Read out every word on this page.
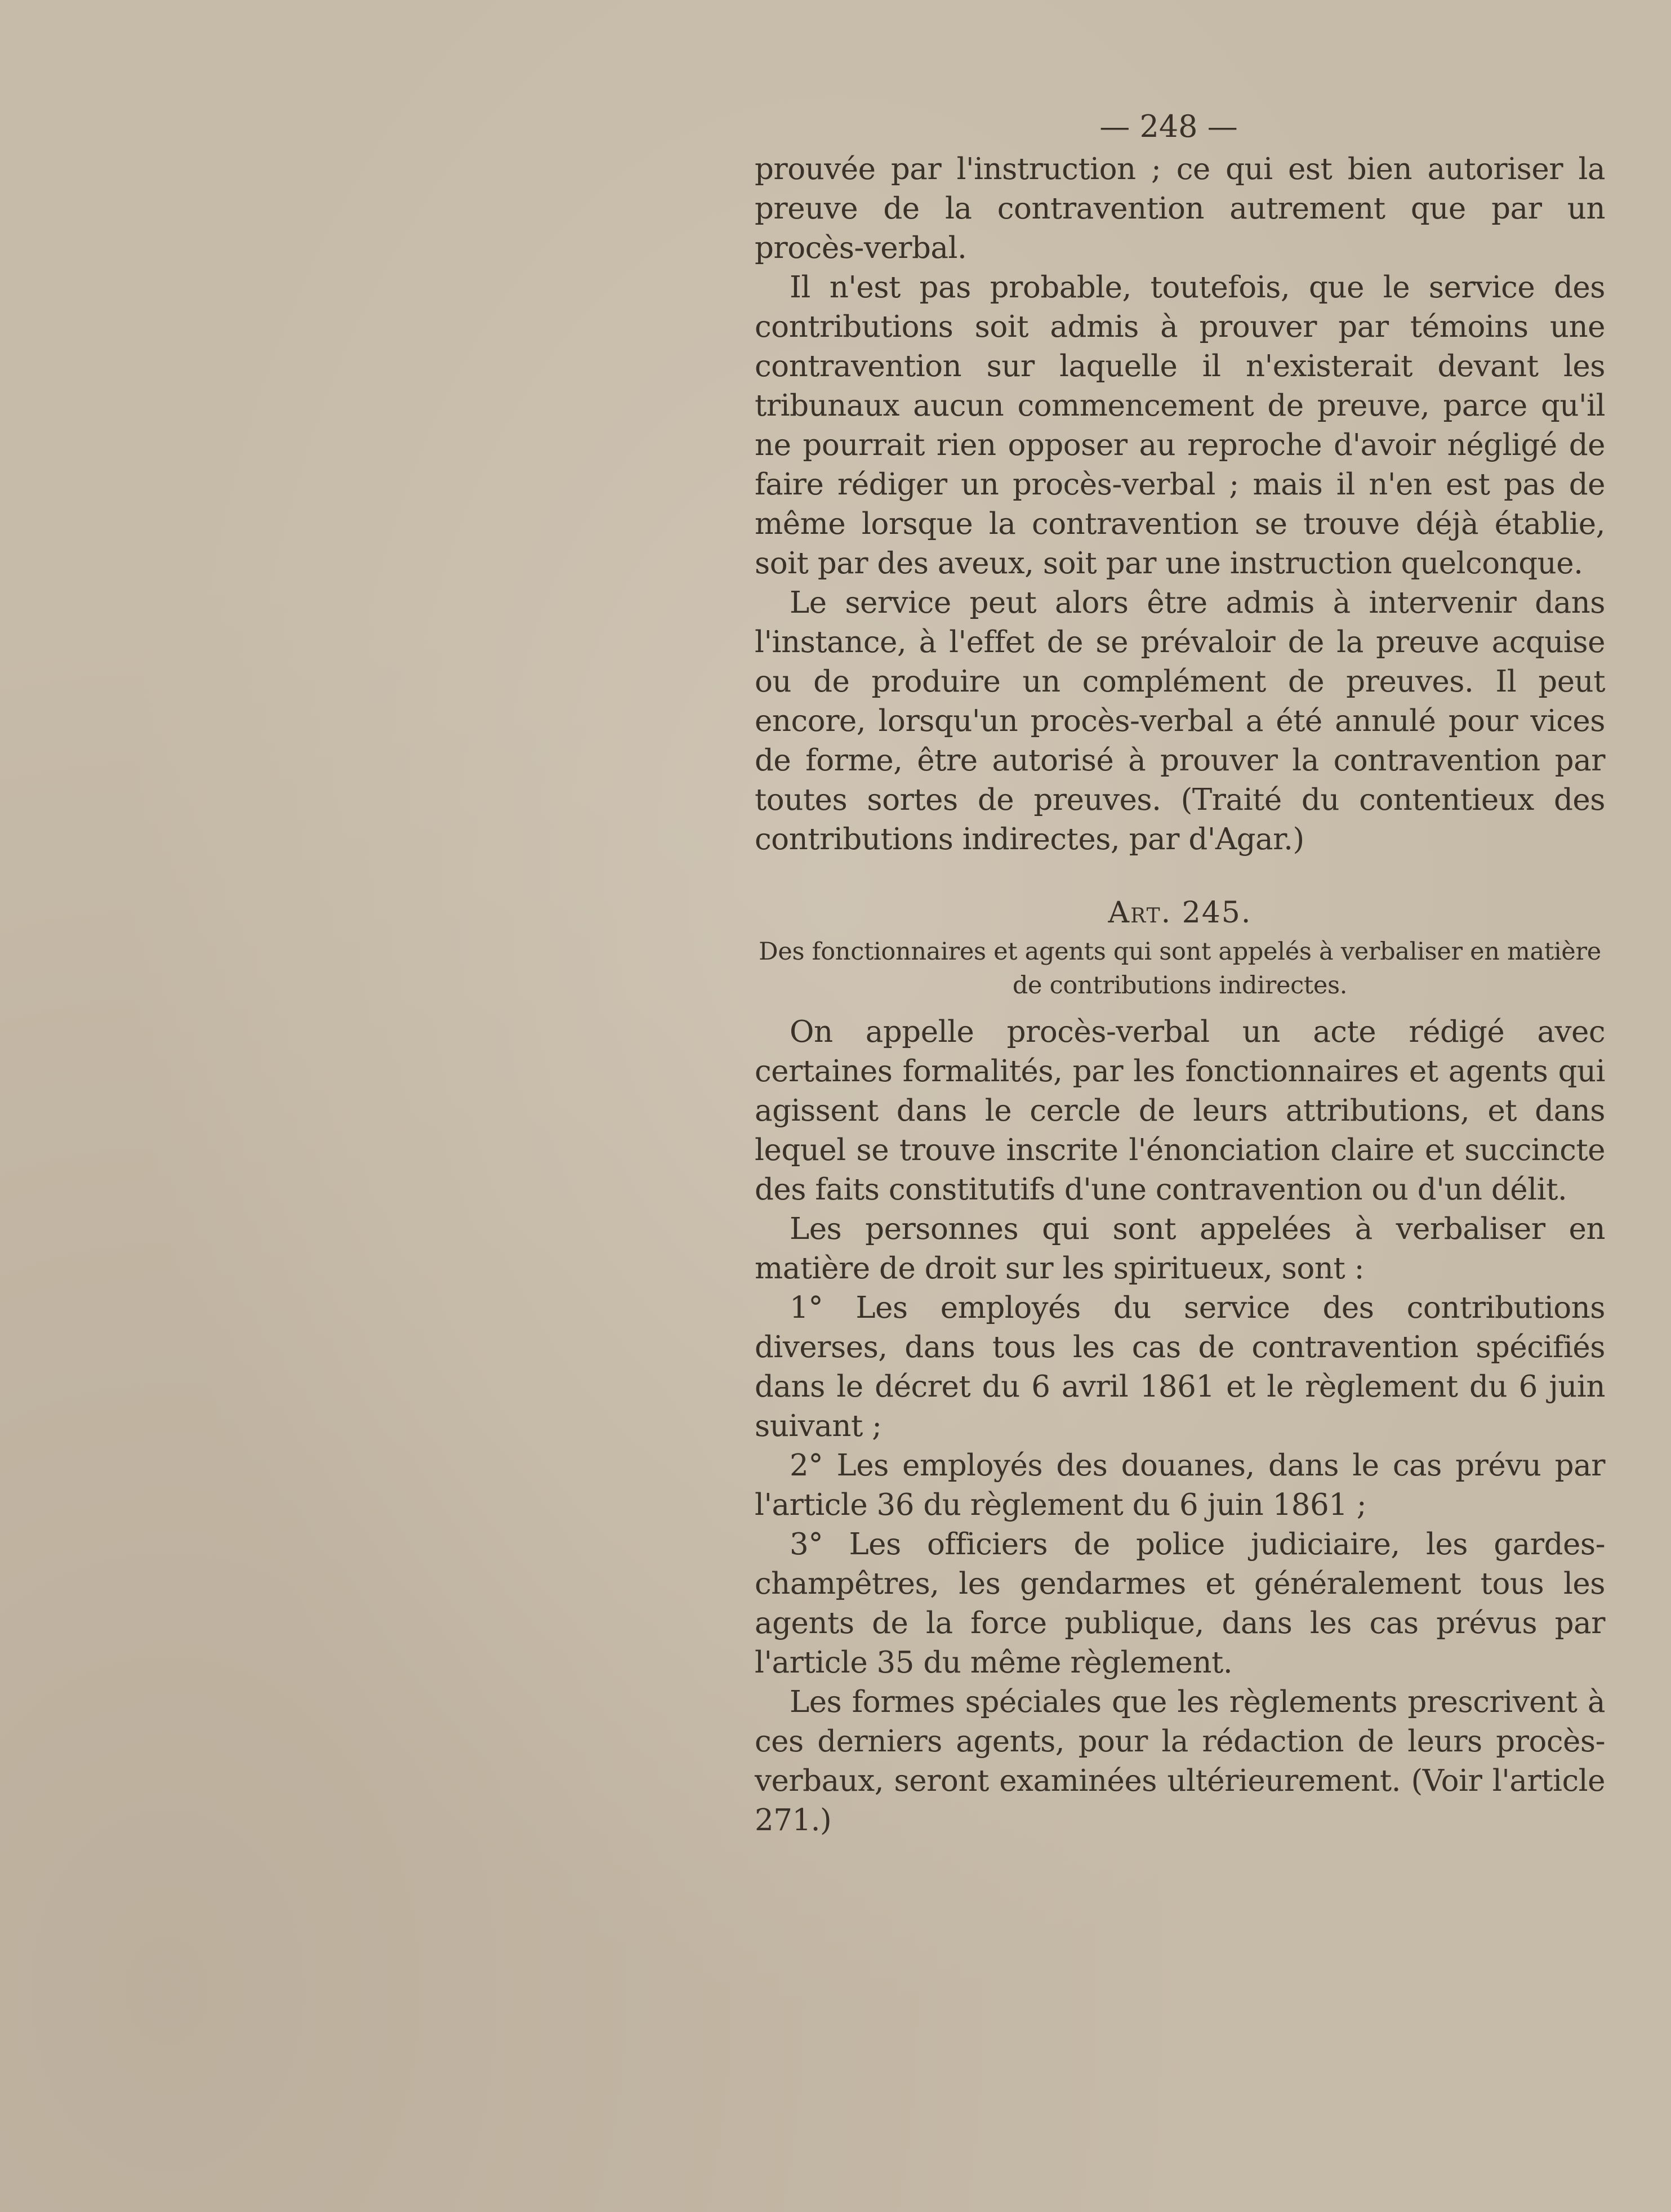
— 248 —

prouvée par l'instruction ; ce qui est bien autoriser la preuve de la contravention autrement que par un procès-verbal.

Il n'est pas probable, toutefois, que le service des contributions soit admis à prouver par témoins une contravention sur laquelle il n'existerait devant les tribunaux aucun commencement de preuve, parce qu'il ne pourrait rien opposer au reproche d'avoir négligé de faire rédiger un procès-verbal ; mais il n'en est pas de même lorsque la contravention se trouve déjà établie, soit par des aveux, soit par une instruction quelconque.

Le service peut alors être admis à intervenir dans l'instance, à l'effet de se prévaloir de la preuve acquise ou de produire un complément de preuves. Il peut encore, lorsqu'un procès-verbal a été annulé pour vices de forme, être autorisé à prouver la contravention par toutes sortes de preuves. (Traité du contentieux des contributions indirectes, par d'Agar.)

Art. 245.
Des fonctionnaires et agents qui sont appelés à verbaliser en matière
de contributions indirectes.

On appelle procès-verbal un acte rédigé avec certaines formalités, par les fonctionnaires et agents qui agissent dans le cercle de leurs attributions, et dans lequel se trouve inscrite l'énonciation claire et succincte des faits constitutifs d'une contravention ou d'un délit.

Les personnes qui sont appelées à verbaliser en matière de droit sur les spiritueux, sont :

1° Les employés du service des contributions diverses, dans tous les cas de contravention spécifiés dans le décret du 6 avril 1861 et le règlement du 6 juin suivant ;

2° Les employés des douanes, dans le cas prévu par l'article 36 du règlement du 6 juin 1861 ;

3° Les officiers de police judiciaire, les gardes-champêtres, les gendarmes et généralement tous les agents de la force publique, dans les cas prévus par l'article 35 du même règlement.

Les formes spéciales que les règlements prescrivent à ces derniers agents, pour la rédaction de leurs procès-verbaux, seront examinées ultérieurement. (Voir l'article 271.)
